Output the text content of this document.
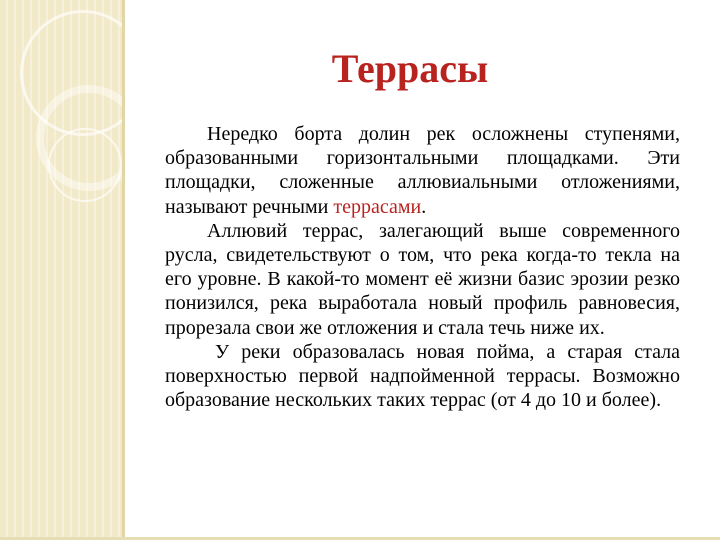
Террасы

Нередко борта долин рек осложнены ступенями, образованными горизонтальными площадками. Эти площадки, сложенные аллювиальными отложениями, называют речными террасами.

Аллювий террас, залегающий выше современного русла, свидетельствуют о том, что река когда-то текла на его уровне. В какой-то момент её жизни базис эрозии резко понизился, река выработала новый профиль равновесия, прорезала свои же отложения и стала течь ниже их.

У реки образовалась новая пойма, а старая стала поверхностью первой надпойменной террасы. Возможно образование нескольких таких террас (от 4 до 10 и более).
